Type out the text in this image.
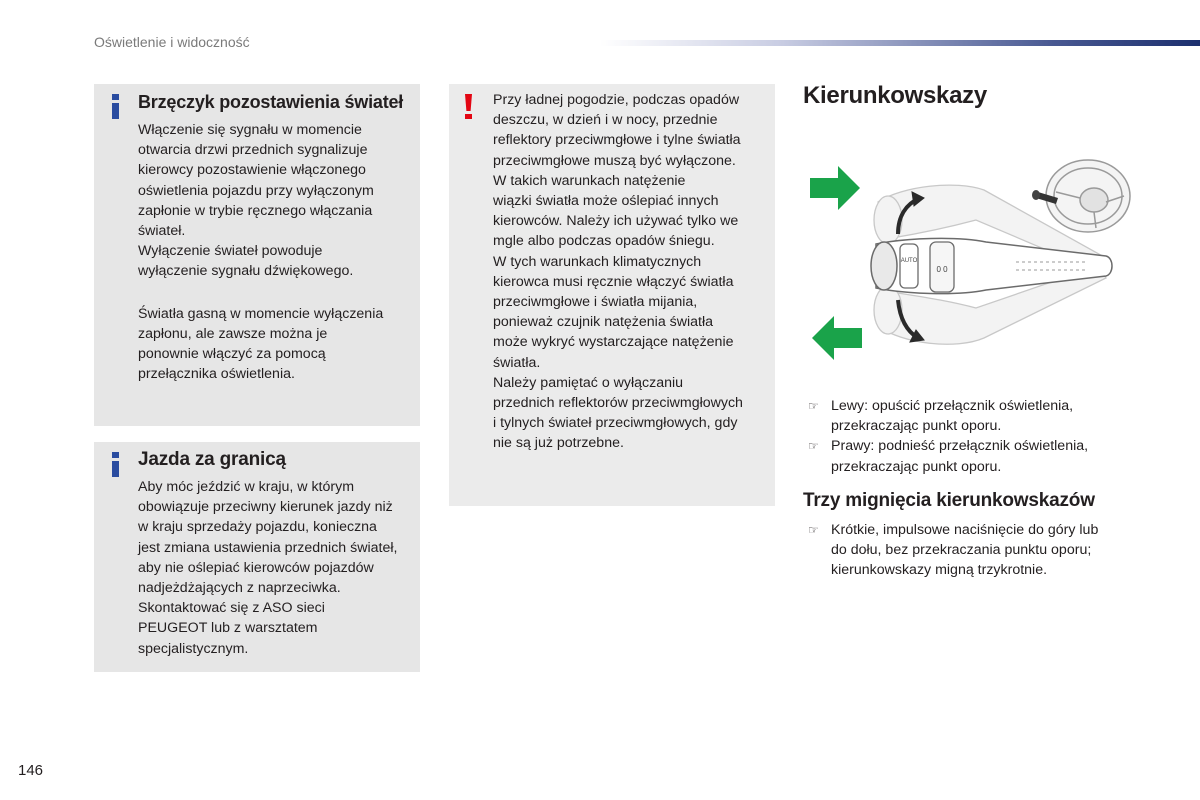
Oświetlenie i widoczność
Brzęczyk pozostawienia świateł

Włączenie się sygnału w momencie

otwarcia drzwi przednich sygnalizuje

kierowcy pozostawienie włączonego

oświetlenia pojazdu przy wyłączonym

zapłonie w trybie ręcznego włączania

świateł.

Wyłączenie świateł powoduje

wyłączenie sygnału dźwiękowego.

Światła gasną w momencie wyłączenia

zapłonu, ale zawsze można je

ponownie włączyć za pomocą

przełącznika oświetlenia.

Jazda za granicą

Aby móc jeździć w kraju, w którym

obowiązuje przeciwny kierunek jazdy niż

w kraju sprzedaży pojazdu, konieczna

jest zmiana ustawienia przednich świateł,

aby nie oślepiać kierowców pojazdów

nadjeżdżających z naprzeciwka.

Skontaktować się z ASO sieci

PEUGEOT lub z warsztatem

specjalistycznym.

Przy ładnej pogodzie, podczas opadów

deszczu, w dzień i w nocy, przednie

reflektory przeciwmgłowe i tylne światła

przeciwmgłowe muszą być wyłączone.

W takich warunkach natężenie

wiązki światła może oślepiać innych

kierowców. Należy ich używać tylko we

mgle albo podczas opadów śniegu.

W tych warunkach klimatycznych

kierowca musi ręcznie włączyć światła

przeciwmgłowe i światła mijania,

ponieważ czujnik natężenia światła

może wykryć wystarczające natężenie

światła.

Należy pamiętać o wyłączaniu

przednich reflektorów przeciwmgłowych

i tylnych świateł przeciwmgłowych, gdy

nie są już potrzebne.

Kierunkowskazy
AUTO
0 0
☞ Lewy: opuścić przełącznik oświetlenia,
przekraczając punkt oporu.
☞ Prawy: podnieść przełącznik oświetlenia,
przekraczając punkt oporu.
Trzy mignięcia kierunkowskazów
☞ Krótkie, impulsowe naciśnięcie do góry lub
do dołu, bez przekraczania punktu oporu;
kierunkowskazy migną trzykrotnie.
146
